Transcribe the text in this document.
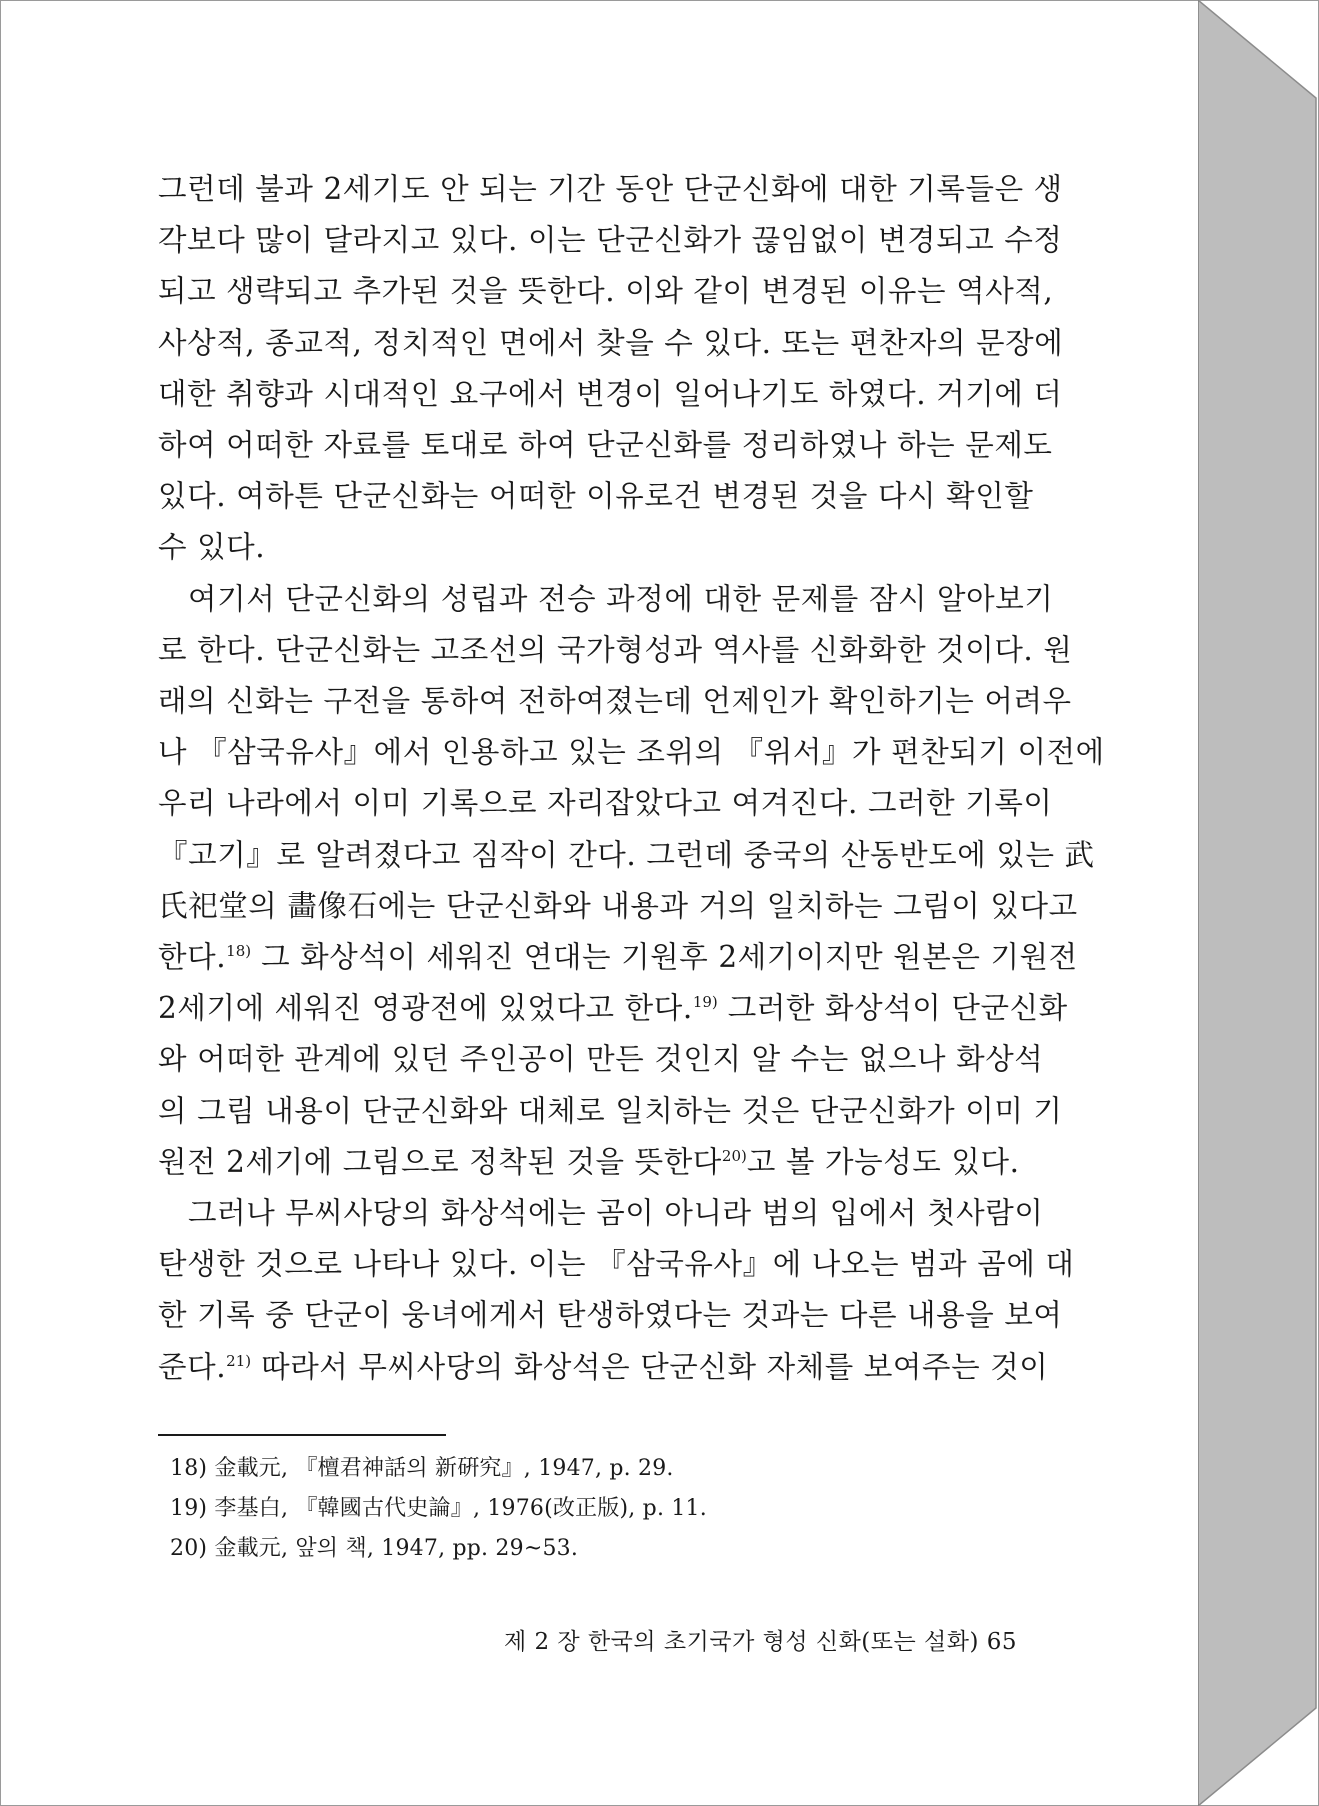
그런데 불과 2세기도 안 되는 기간 동안 단군신화에 대한 기록들은 생
각보다 많이 달라지고 있다. 이는 단군신화가 끊임없이 변경되고 수정
되고 생략되고 추가된 것을 뜻한다. 이와 같이 변경된 이유는 역사적,
사상적, 종교적, 정치적인 면에서 찾을 수 있다. 또는 편찬자의 문장에
대한 취향과 시대적인 요구에서 변경이 일어나기도 하였다. 거기에 더
하여 어떠한 자료를 토대로 하여 단군신화를 정리하였나 하는 문제도
있다. 여하튼 단군신화는 어떠한 이유로건 변경된 것을 다시 확인할
수 있다.
여기서 단군신화의 성립과 전승 과정에 대한 문제를 잠시 알아보기
로 한다. 단군신화는 고조선의 국가형성과 역사를 신화화한 것이다. 원
래의 신화는 구전을 통하여 전하여졌는데 언제인가 확인하기는 어려우
나 『삼국유사』에서 인용하고 있는 조위의 『위서』가 편찬되기 이전에
우리 나라에서 이미 기록으로 자리잡았다고 여겨진다. 그러한 기록이
『고기』로 알려졌다고 짐작이 간다. 그런데 중국의 산동반도에 있는 武
氏祀堂의 畵像石에는 단군신화와 내용과 거의 일치하는 그림이 있다고
한다.$^{18)}$ 그 화상석이 세워진 연대는 기원후 2세기이지만 원본은 기원전
2세기에 세워진 영광전에 있었다고 한다.$^{19)}$ 그러한 화상석이 단군신화
와 어떠한 관계에 있던 주인공이 만든 것인지 알 수는 없으나 화상석
의 그림 내용이 단군신화와 대체로 일치하는 것은 단군신화가 이미 기
원전 2세기에 그림으로 정착된 것을 뜻한다$^{20)}$고 볼 가능성도 있다.
그러나 무씨사당의 화상석에는 곰이 아니라 범의 입에서 첫사람이
탄생한 것으로 나타나 있다. 이는 『삼국유사』에 나오는 범과 곰에 대
한 기록 중 단군이 웅녀에게서 탄생하였다는 것과는 다른 내용을 보여
준다.$^{21)}$ 따라서 무씨사당의 화상석은 단군신화 자체를 보여주는 것이

18) 金載元, 『檀君神話의 新硏究』, 1947, p. 29.

19) 李基白, 『韓國古代史論』, 1976(改正版), p. 11.

20) 金載元, 앞의 책, 1947, pp. 29~53.

제 2 장 한국의 초기국가 형성 신화(또는 설화) 65
